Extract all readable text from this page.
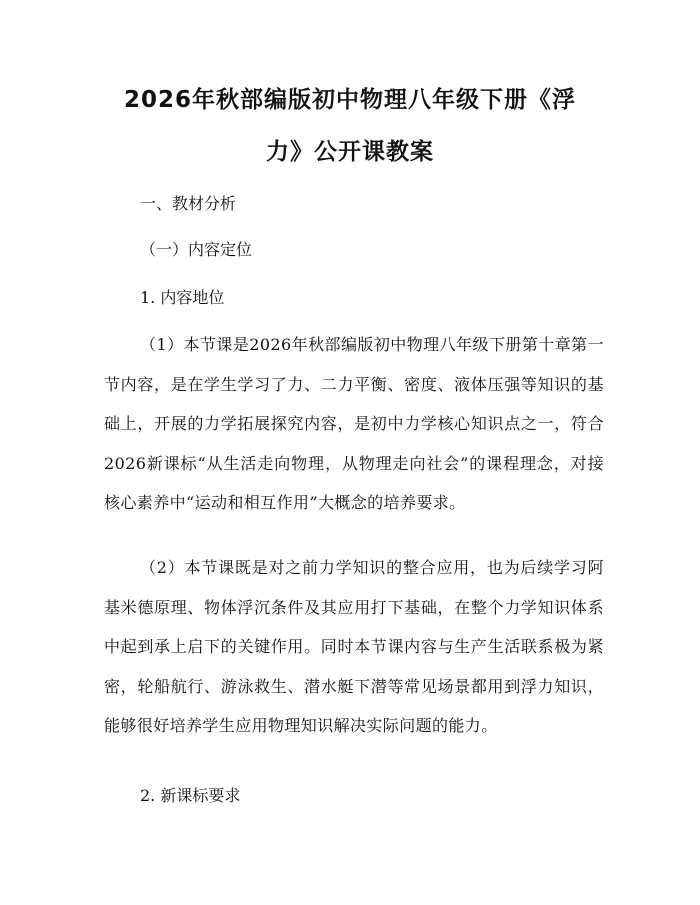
2026年秋部编版初中物理八年级下册《浮
力》公开课教案
一、教材分析
（一）内容定位
1. 内容地位
（1）本节课是2026年秋部编版初中物理八年级下册第十章第一节内容，是在学生学习了力、二力平衡、密度、液体压强等知识的基础上，开展的力学拓展探究内容，是初中力学核心知识点之一，符合2026新课标“从生活走向物理，从物理走向社会”的课程理念，对接核心素养中“运动和相互作用”大概念的培养要求。
（2）本节课既是对之前力学知识的整合应用，也为后续学习阿基米德原理、物体浮沉条件及其应用打下基础，在整个力学知识体系中起到承上启下的关键作用。同时本节课内容与生产生活联系极为紧密，轮船航行、游泳救生、潜水艇下潜等常见场景都用到浮力知识，能够很好培养学生应用物理知识解决实际问题的能力。
2. 新课标要求
